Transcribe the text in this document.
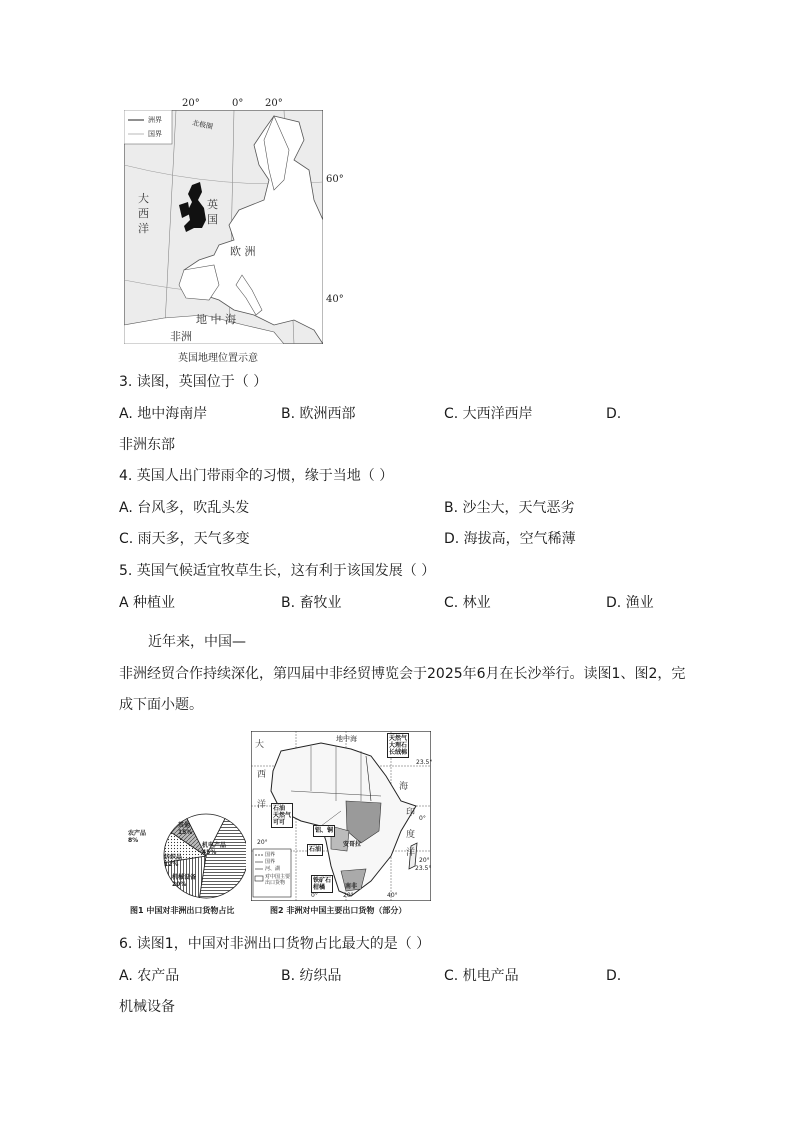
洲界
国界
北极圈
大
西
洋
英
国
欧 洲
地 中 海
非洲
20°	0° 20°
60°
40°
英国地理位置示意
3. 读图，英国位于（ ）
A. 地中海南岸	B. 欧洲西部	C. 大西洋西岸	D.
非洲东部
4. 英国人出门带雨伞的习惯，缘于当地（ ）
A. 台风多，吹乱头发	B. 沙尘大，天气恶劣
C. 雨天多，天气多变	D. 海拔高，空气稀薄
5. 英国气候适宜牧草生长，这有利于该国发展（ ）
A 种植业	B. 畜牧业	C. 林业	D. 渔业
近年来，中国—
非洲经贸合作持续深化，第四届中非经贸博览会于2025年6月在长沙举行。读图1、图2，完
成下面小题。
机电产品
45%
其他
15%
农产品
8%
纺织品
12%
机械设备
20%
图1 中国对非洲出口货物占比
大
西
洋
地中海
海
印
度
洋
天然气
大理石
长绒棉
石油
天然气
可可
铝、铜
石油
铁矿石
柑橘
安哥拉
南非
23.5°
0°
20°
23.5°
20°
0°	20°	40°
国界
国界
河、湖
对中国主要
出口货物
图2 非洲对中国主要出口货物（部分）
6. 读图1，中国对非洲出口货物占比最大的是（ ）
A. 农产品	B. 纺织品	C. 机电产品	D.
机械设备
